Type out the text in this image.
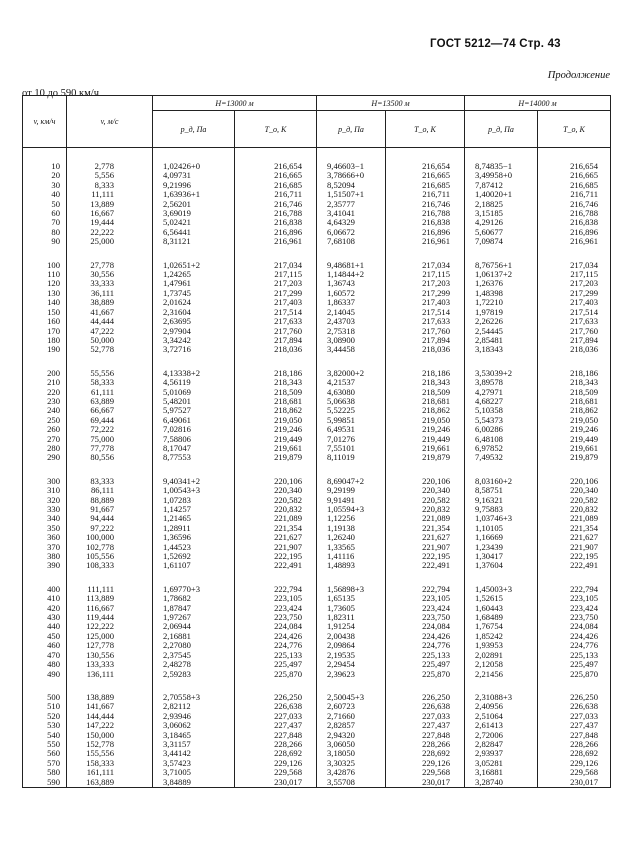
ГОСТ 5212—74 Стр. 43
Продолжение
от 10 до 590 км/ч
v, км/ч	v, м/с	H=13000 м		H=13500 м		H=14000 м	
		p_д, Па	T_о, К	p_д, Па	T_о, К	p_д, Па	T_о, К

10	2,778	1,02426+0	216,654	9,46603−1	216,654	8,74835−1	216,654

20	5,556	4,09731	216,665	3,78666+0	216,665	3,49958+0	216,665

30	8,333	9,21996	216,685	8,52094	216,685	7,87412	216,685

40	11,111	1,63936+1	216,711	1,51507+1	216,711	1,40020+1	216,711

50	13,889	2,56201	216,746	2,35777	216,746	2,18825	216,746

60	16,667	3,69019	216,788	3,41041	216,788	3,15185	216,788

70	19,444	5,02421	216,838	4,64329	216,838	4,29126	216,838

80	22,222	6,56441	216,896	6,06672	216,896	5,60677	216,896

90	25,000	8,31121	216,961	7,68108	216,961	7,09874	216,961

100	27,778	1,02651+2	217,034	9,48681+1	217,034	8,76756+1	217,034

110	30,556	1,24265	217,115	1,14844+2	217,115	1,06137+2	217,115

120	33,333	1,47961	217,203	1,36743	217,203	1,26376	217,203

130	36,111	1,73745	217,299	1,60572	217,299	1,48398	217,299

140	38,889	2,01624	217,403	1,86337	217,403	1,72210	217,403

150	41,667	2,31604	217,514	2,14045	217,514	1,97819	217,514

160	44,444	2,63695	217,633	2,43703	217,633	2,26226	217,633

170	47,222	2,97904	217,760	2,75318	217,760	2,54445	217,760

180	50,000	3,34242	217,894	3,08900	217,894	2,85481	217,894

190	52,778	3,72716	218,036	3,44458	218,036	3,18343	218,036

200	55,556	4,13338+2	218,186	3,82000+2	218,186	3,53039+2	218,186

210	58,333	4,56119	218,343	4,21537	218,343	3,89578	218,343

220	61,111	5,01069	218,509	4,63080	218,509	4,27971	218,509

230	63,889	5,48201	218,681	5,06638	218,681	4,68227	218,681

240	66,667	5,97527	218,862	5,52225	218,862	5,10358	218,862

250	69,444	6,49061	219,050	5,99851	219,050	5,54373	219,050

260	72,222	7,02816	219,246	6,49531	219,246	6,00286	219,246

270	75,000	7,58806	219,449	7,01276	219,449	6,48108	219,449

280	77,778	8,17047	219,661	7,55101	219,661	6,97852	219,661

290	80,556	8,77553	219,879	8,11019	219,879	7,49532	219,879

300	83,333	9,40341+2	220,106	8,69047+2	220,106	8,03160+2	220,106

310	86,111	1,00543+3	220,340	9,29199	220,340	8,58751	220,340

320	88,889	1,07283	220,582	9,91491	220,582	9,16321	220,582

330	91,667	1,14257	220,832	1,05594+3	220,832	9,75883	220,832

340	94,444	1,21465	221,089	1,12256	221,089	1,03746+3	221,089

350	97,222	1,28911	221,354	1,19138	221,354	1,10105	221,354

360	100,000	1,36596	221,627	1,26240	221,627	1,16669	221,627

370	102,778	1,44523	221,907	1,33565	221,907	1,23439	221,907

380	105,556	1,52692	222,195	1,41116	222,195	1,30417	222,195

390	108,333	1,61107	222,491	1,48893	222,491	1,37604	222,491

400	111,111	1,69770+3	222,794	1,56898+3	222,794	1,45003+3	222,794

410	113,889	1,78682	223,105	1,65135	223,105	1,52615	223,105

420	116,667	1,87847	223,424	1,73605	223,424	1,60443	223,424

430	119,444	1,97267	223,750	1,82311	223,750	1,68489	223,750

440	122,222	2,06944	224,084	1,91254	224,084	1,76754	224,084

450	125,000	2,16881	224,426	2,00438	224,426	1,85242	224,426

460	127,778	2,27080	224,776	2,09864	224,776	1,93953	224,776

470	130,556	2,37545	225,133	2,19535	225,133	2,02891	225,133

480	133,333	2,48278	225,497	2,29454	225,497	2,12058	225,497

490	136,111	2,59283	225,870	2,39623	225,870	2,21456	225,870

500	138,889	2,70558+3	226,250	2,50045+3	226,250	2,31088+3	226,250

510	141,667	2,82112	226,638	2,60723	226,638	2,40956	226,638

520	144,444	2,93946	227,033	2,71660	227,033	2,51064	227,033

530	147,222	3,06062	227,437	2,82857	227,437	2,61413	227,437

540	150,000	3,18465	227,848	2,94320	227,848	2,72006	227,848

550	152,778	3,31157	228,266	3,06050	228,266	2,82847	228,266

560	155,556	3,44142	228,692	3,18050	228,692	2,93937	228,692

570	158,333	3,57423	229,126	3,30325	229,126	3,05281	229,126

580	161,111	3,71005	229,568	3,42876	229,568	3,16881	229,568

590	163,889	3,84889	230,017	3,55708	230,017	3,28740	230,017
